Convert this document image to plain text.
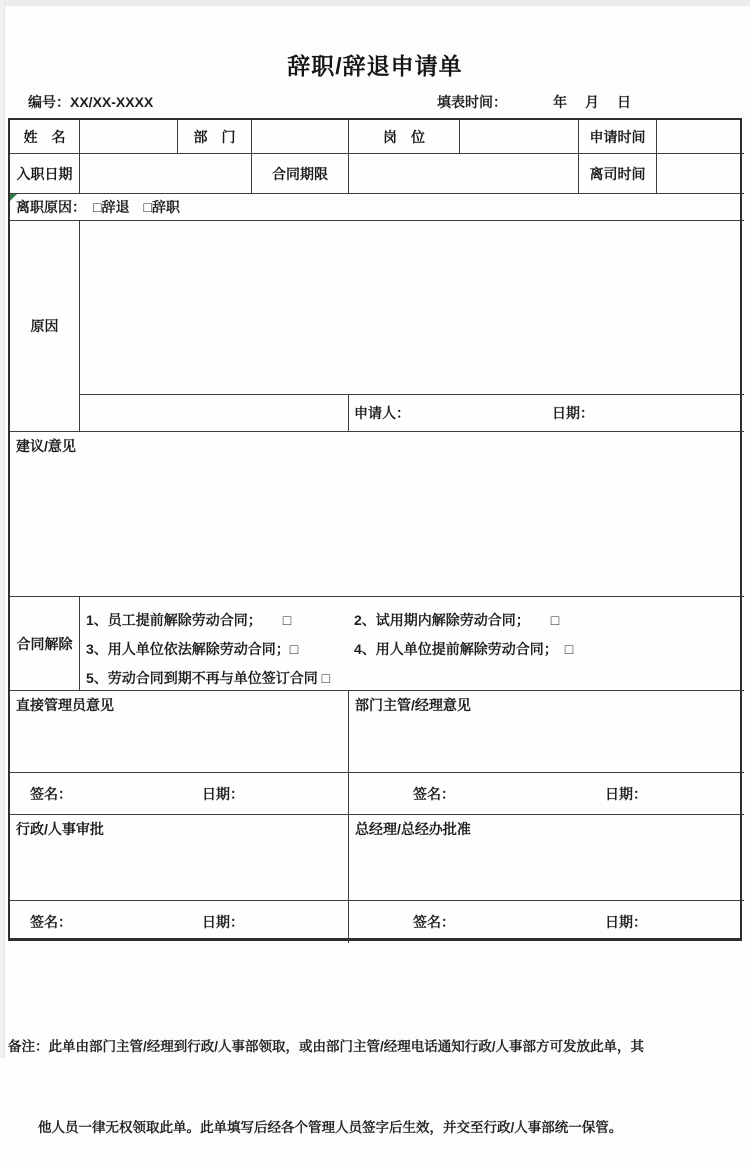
辞职/辞退申请单
编号：XX/XX-XXXX	填表时间：	年　月　日
姓　名	部　门	岗　位	申请时间
入职日期	合同期限	离司时间
离职原因：　□辞退　□辞职
原因
申请人：	日期：
建议/意见
合同解除
1、员工提前解除劳动合同；　　□	2、试用期内解除劳动合同；　　□
3、用人单位依法解除劳动合同；□	4、用人单位提前解除劳动合同；　□
5、劳动合同到期不再与单位签订合同 □
直接管理员意见	部门主管/经理意见
签名：	日期：	签名：	日期：
行政/人事审批	总经理/总经办批准
签名：	日期：	签名：	日期：

备注：此单由部门主管/经理到行政/人事部领取，或由部门主管/经理电话通知行政/人事部方可发放此单，其

他人员一律无权领取此单。此单填写后经各个管理人员签字后生效，并交至行政/人事部统一保管。
